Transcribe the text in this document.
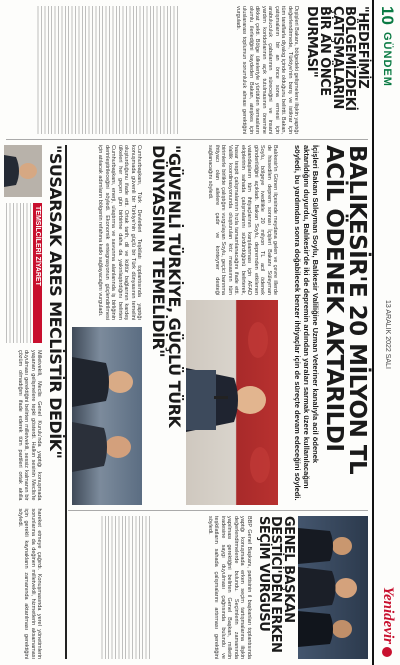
10
GÜNDEM
13 ARALIK 2022 SALI
Yenidevir
"HEDEFİMİZ BÖLGEMİZDEKİ ÇATIŞMALARIN BİR AN ÖNCE DURMASI"

Dışişleri Bakanı, bölgedeki gelişmelere ilişkin yaptığı değerlendirmede, Türkiye'nin barış ve istikrar için tüm taraflarla diyalog içinde olduğunu belirtti. Bakan, çatışmaların bir an önce sona ermesi için arabuluculuk çabalarının süreceğini ve insani yardım koridorlarının açık tutulmasının önemine dikkat çekti. Bölge ülkeleriyle yürütülen temasların olumlu ilerlediğini kaydeden Bakan, ateşkes için uluslararası toplumun sorumluluk alması gerektiğini vurguladı.

BALIKESİR'E 20 MİLYON TL ACİL ÖDENEK AKTARILDI

İçişleri Bakanı Süleyman Soylu, Balıkesir Valiliğine Uzman Veteriner kanalıyla acil ödenek aktarıldığını duyurdu, Balıkesir'de iki de depremin ardından yaraları sarmak üzere kullanılacağını söyledi, bu yardımdan sonra doğabilecek benzer ihtiyaçlar için de süreçte devam edeceğini söyledi.

Balıkesir'in Gönen ilçesinde meydana gelen ve çevre illerde de hissedilen deprem sonrası İçişleri Bakanı Süleyman Soylu, bölgeye ivedilikle 20 milyon TL acil ödenek gönderildiğini açıkladı. Bakan Soylu, depremden etkilenen vatandaşların tüm ihtiyaçlarının karşılanması için AFAD ekiplerinin sahada çalışmalarını sürdürdüğünü belirterek, hasar tespit çalışmalarının hızla tamamlanacağını ifade etti. Valilik koordinasyonunda oluşturulan kriz masasının tüm birimlerle birlikte çalıştığını vurgulayan Soylu, geçici barınma ihtiyacı olan ailelere çadır ve konteyner desteği sağlanacağını söyledi.

"GÜVENLİ TÜRKİYE, GÜÇLÜ TÜRK DÜNYASININ TEMELİDİR"

Cumhurbaşkanı, Türk Devletleri Teşkilatı toplantısında yaptığı konuşmada güvenli bir Türkiye'nin güçlü bir Türk dünyasının temelini oluşturduğunu ifade etti. Ortak tarih, dil ve kültür bağlarının kardeş ülkeleri her geçen gün birbirine daha da yakınlaştırdığını belirten Cumhurbaşkanı, enerji, ulaştırma ve savunma alanlarında iş birliğinin derinleştirileceğini söyledi. Ekonomik entegrasyonun güçlendirilmesi için atılacak adımların bölgenin refahına katkı sağlayacağını vurguladı.

GENEL BAŞKAN DESTİCİ'DEN ERKEN SEÇİM VURGUSU

BBP Genel Başkanı, partisinin il başkanları toplantısında yaptığı konuşmada erken seçim tartışmalarına ilişkin değerlendirmelerde bulundu. Seçimlerin zamanında yapılması gerektiğini belirten Genel Başkan, milletin iradesine saygı duyulması çağrısında bulundu ve teşkilatların sahada çalışmalarını artırması gerektiğini söyledi.

"SUSARSAK ARES MECLİSTİR DEDİK"
TEMSİLCİLERİ ZİYARET

Milletvekili, Meclis Genel Kurulu'nda yaptığı konuşmada yaşanan gelişmelere tepki gösterdi. Halkın sesinin Meclis'te duyulması gerektiğini belirten milletvekili, sessiz kalmanın bir çözüm olmadığını ifade ederek tüm partileri ortak akılla hareket etmeye çağırdı. Konuşmasında yerel yönetimlerin sorunlarına da değinen milletvekili, hizmetlerin aksamaması için gerekli kaynakların zamanında aktarılması gerektiğini söyledi.
